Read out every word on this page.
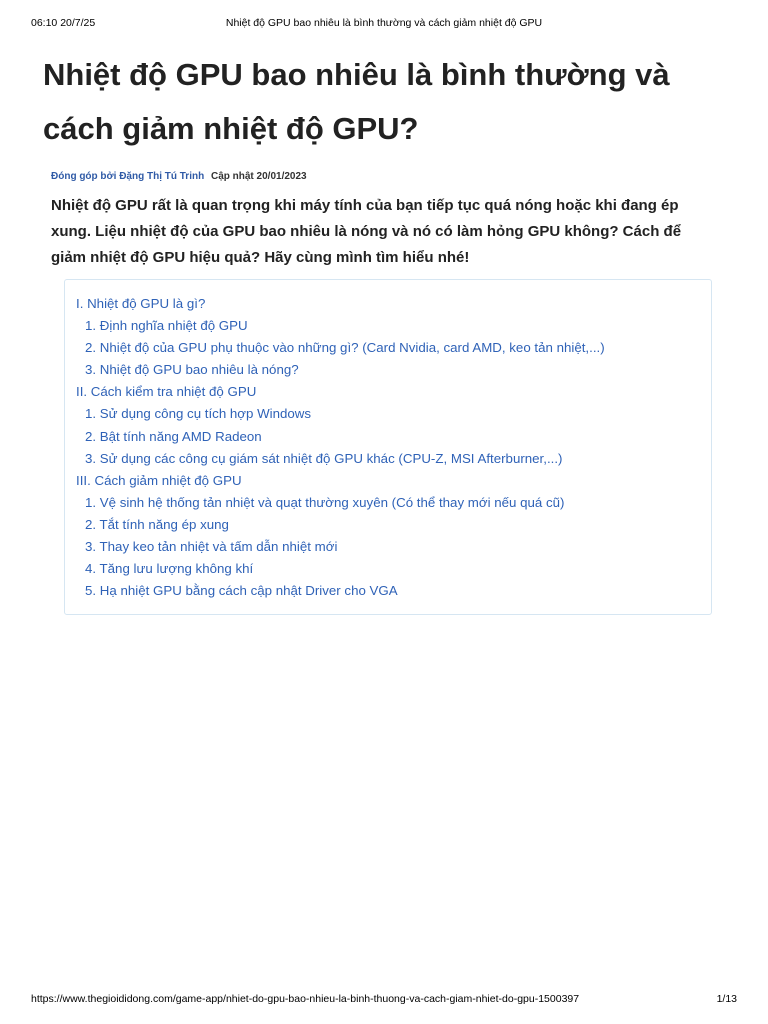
06:10 20/7/25	Nhiệt độ GPU bao nhiêu là bình thường và cách giảm nhiệt độ GPU
Nhiệt độ GPU bao nhiêu là bình thường và
cách giảm nhiệt độ GPU?
Đóng góp bởi Đặng Thị Tú Trinh Cập nhật 20/01/2023

Nhiệt độ GPU rất là quan trọng khi máy tính của bạn tiếp tục quá nóng hoặc khi đang ép
xung. Liệu nhiệt độ của GPU bao nhiêu là nóng và nó có làm hỏng GPU không? Cách để
giảm nhiệt độ GPU hiệu quả? Hãy cùng mình tìm hiểu nhé!

I. Nhiệt độ GPU là gì?
1. Định nghĩa nhiệt độ GPU
2. Nhiệt độ của GPU phụ thuộc vào những gì? (Card Nvidia, card AMD, keo tản nhiệt,...)
3. Nhiệt độ GPU bao nhiêu là nóng?
II. Cách kiểm tra nhiệt độ GPU
1. Sử dụng công cụ tích hợp Windows
2. Bật tính năng AMD Radeon
3. Sử dụng các công cụ giám sát nhiệt độ GPU khác (CPU-Z, MSI Afterburner,...)
III. Cách giảm nhiệt độ GPU
1. Vệ sinh hệ thống tản nhiệt và quạt thường xuyên (Có thể thay mới nếu quá cũ)
2. Tắt tính năng ép xung
3. Thay keo tản nhiệt và tấm dẫn nhiệt mới
4. Tăng lưu lượng không khí
5. Hạ nhiệt GPU bằng cách cập nhật Driver cho VGA
https://www.thegioididong.com/game-app/nhiet-do-gpu-bao-nhieu-la-binh-thuong-va-cach-giam-nhiet-do-gpu-1500397	1/13
